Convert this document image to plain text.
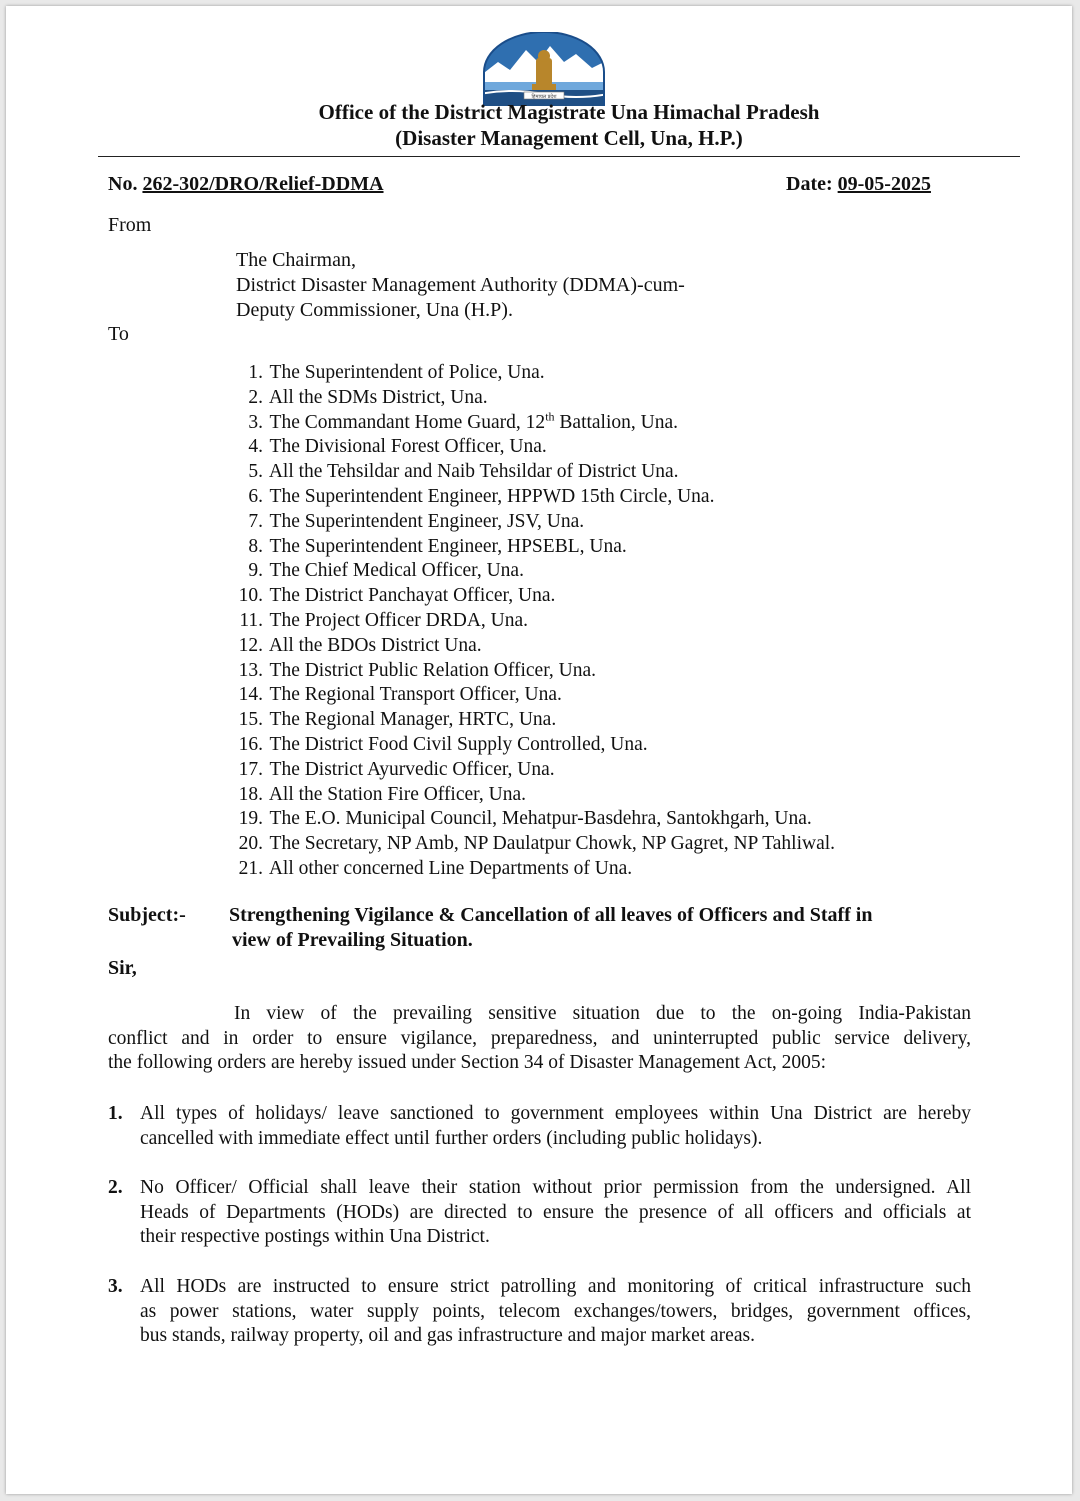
हिमाचल प्रदेश
Office of the District Magistrate Una Himachal Pradesh
(Disaster Management Cell, Una, H.P.)
No. 262-302/DRO/Relief-DDMA	Date: 09-05-2025
From
The Chairman,
District Disaster Management Authority (DDMA)-cum-
Deputy Commissioner, Una (H.P).
To
1. The Superintendent of Police, Una.
2. All the SDMs District, Una.
3. The Commandant Home Guard, 12th Battalion, Una.
4. The Divisional Forest Officer, Una.
5. All the Tehsildar and Naib Tehsildar of District Una.
6. The Superintendent Engineer, HPPWD 15th Circle, Una.
7. The Superintendent Engineer, JSV, Una.
8. The Superintendent Engineer, HPSEBL, Una.
9. The Chief Medical Officer, Una.
10. The District Panchayat Officer, Una.
11. The Project Officer DRDA, Una.
12. All the BDOs District Una.
13. The District Public Relation Officer, Una.
14. The Regional Transport Officer, Una.
15. The Regional Manager, HRTC, Una.
16. The District Food Civil Supply Controlled, Una.
17. The District Ayurvedic Officer, Una.
18. All the Station Fire Officer, Una.
19. The E.O. Municipal Council, Mehatpur-Basdehra, Santokhgarh, Una.
20. The Secretary, NP Amb, NP Daulatpur Chowk, NP Gagret, NP Tahliwal.
21. All other concerned Line Departments of Una.
Subject:- Strengthening Vigilance & Cancellation of all leaves of Officers and Staff in
view of Prevailing Situation.
Sir,
In view of the prevailing sensitive situation due to the on-going India-Pakistan
conflict and in order to ensure vigilance, preparedness, and uninterrupted public service delivery,
the following orders are hereby issued under Section 34 of Disaster Management Act, 2005:
1. All types of holidays/ leave sanctioned to government employees within Una District are hereby
cancelled with immediate effect until further orders (including public holidays).
2. No Officer/ Official shall leave their station without prior permission from the undersigned. All
Heads of Departments (HODs) are directed to ensure the presence of all officers and officials at
their respective postings within Una District.
3. All HODs are instructed to ensure strict patrolling and monitoring of critical infrastructure such
as power stations, water supply points, telecom exchanges/towers, bridges, government offices,
bus stands, railway property, oil and gas infrastructure and major market areas.
